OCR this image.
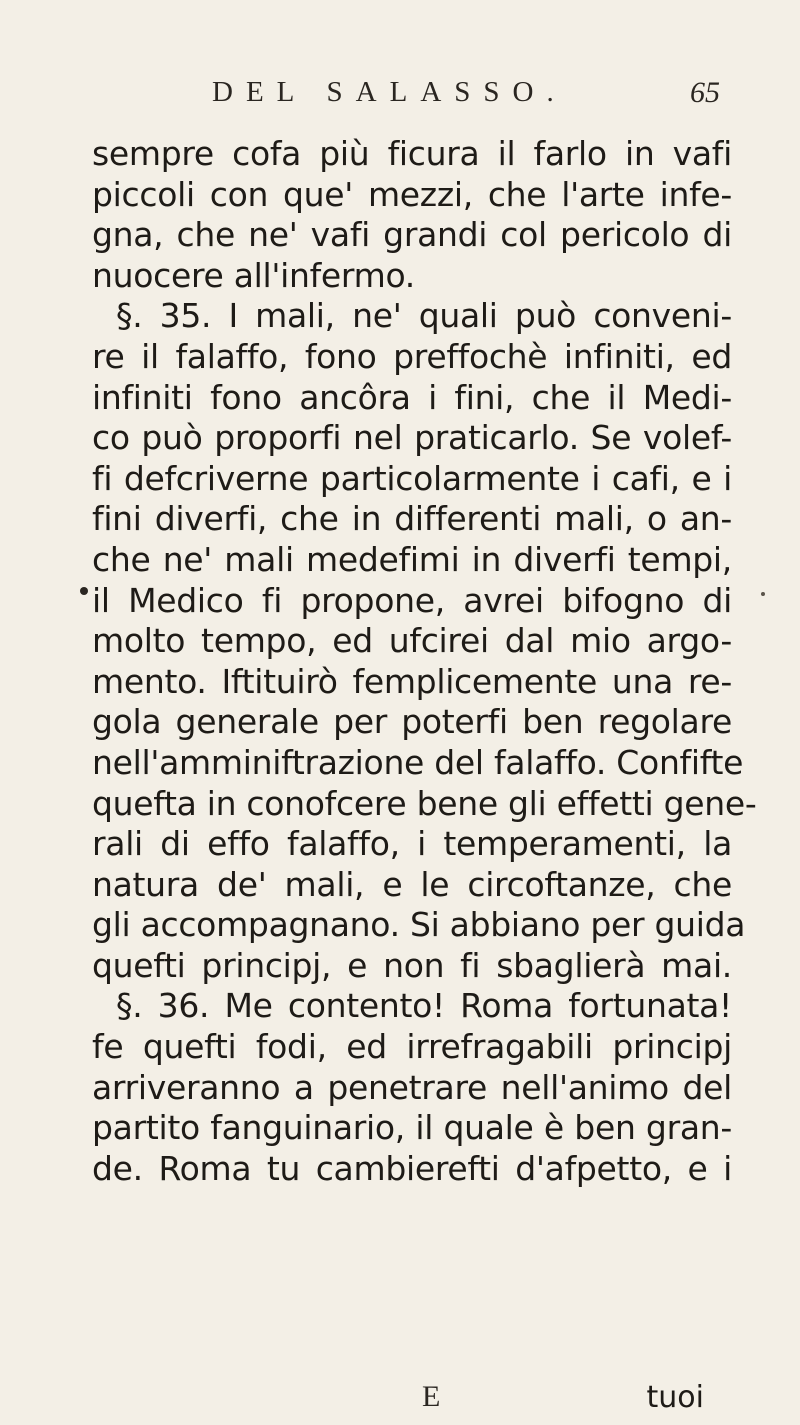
DEL SALASSO.	65
sempre cofa più ficura il farlo in vafi
piccoli con que' mezzi, che l'arte infe-
gna, che ne' vafi grandi col pericolo di
nuocere all'infermo.
§. 35. I mali, ne' quali può conveni-
re il falaffo, fono preffochè infiniti, ed
infiniti fono ancôra i fini, che il Medi-
co può proporfi nel praticarlo. Se volef-
fi defcriverne particolarmente i cafi, e i
fini diverfi, che in differenti mali, o an-
che ne' mali medefimi in diverfi tempi,
il Medico fi propone, avrei bifogno di
molto tempo, ed ufcirei dal mio argo-
mento. Iftituirò femplicemente una re-
gola generale per poterfi ben regolare
nell'amminiftrazione del falaffo. Confifte
quefta in conofcere bene gli effetti gene-
rali di effo falaffo, i temperamenti, la
natura de' mali, e le circoftanze, che
gli accompagnano. Si abbiano per guida
quefti principj, e non fi sbaglierà mai.
§. 36. Me contento! Roma fortunata!
fe quefti fodi, ed irrefragabili principj
arriveranno a penetrare nell'animo del
partito fanguinario, il quale è ben gran-
de. Roma tu cambierefti d'afpetto, e i
E	tuoi
